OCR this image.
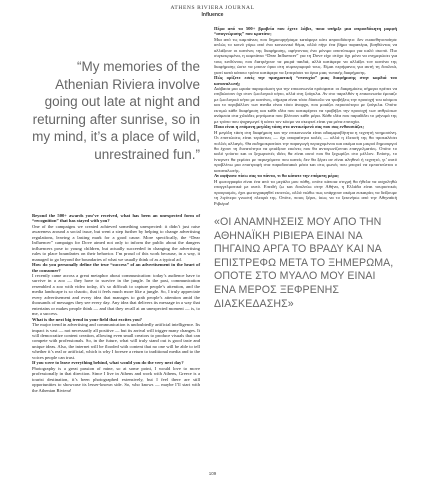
ATHENS RIVIERA JOURNAL
Influence
“My memories of the Athenian Riviera involve going out late at night and returning after sunrise, so in my mind, it’s a place of wild, unrestrained fun.”

Beyond the 500+ awards you’ve received, what has been an unexpected form of “recognition” that has stayed with you?

One of the campaigns we created achieved something unexpected: it didn’t just raise awareness around a social issue, but went a step further by helping to change advertising regulations, leaving a lasting mark for a good cause. More specifically, the “Dear Influencer” campaign for Dove aimed not only to inform the public about the dangers influencers pose to young children, but actually succeeded in changing the advertising rules to place boundaries on their behavior. I’m proud of this work because, in a way, it managed to go beyond the boundaries of what we usually think of as a typical ad.

How do you personally define the true “success” of an advertisement in the heart of the consumer?

I recently came across a great metaphor about communication: today’s audience have to survive in a zoo — they have to survive in the jungle. In the past, communication resembled a zoo with video today, it’s so difficult to capture people’s attention, and the media landscape is so chaotic, that it feels much more like a jungle. So, I truly appreciate every advertisement and every idea that manages to grab people’s attention amid the thousands of messages they see every day. Any idea that delivers its message in a way that entertains or makes people think — and that they recall at an unexpected moment — is, to me, a success.

What is the next big trend in your field that excites you?

The major trend in advertising and communication is undoubtedly artificial intelligence. Its impact is vast — not necessarily all positive — but its arrival will trigger many changes. It will democratize content creation, allowing even small creators to produce visuals that can compete with professionals. So, in the future, what will truly stand out is good taste and unique ideas. Also, the internet will be flooded with content that no one will be able to tell whether it’s real or artificial, which is why I foresee a return to traditional media and to the voices people can trust.

If you were to leave everything behind, what would you do the very next day?

Photography is a great passion of mine, so at some point, I would love to move professionally in that direction. Since I live in Athens and work with Athens, Greece is a tourist destination, it’s been photographed extensively, but I feel there are still opportunities to showcase its lesser-known side. So, who knows — maybe I’ll start with the Athenian Riviera!

Πέρα από τα 500+ βραβεία που έχετε λάβει, ποια υπήρξε μια απροσδόκητη μορφή “αναγνώρισης” που κρατάτε;

Μια από τις καμπάνιες που δημιουργήσαμε κατάφερε κάτι απροσδόκητο: δεν ευαισθητοποίησε απλώς το κοινό γύρω από ένα κοινωνικό θέμα, αλλά πήγε ένα βήμα παραπέρα, βοηθώντας να αλλάξουν οι κανόνες της διαφήμισης, αφήνοντας ένα μόνιμο αποτύπωμα για καλό σκοπό. Πιο συγκεκριμένα, η καμπάνια “Dear Influencer” για τη Dove είχε στόχο όχι μόνο να ενημερώσει για τους κινδύνους που διατρέχουν τα μικρά παιδιά, αλλά κατάφερε να αλλάξει τον κανόνα της διαφήμισης ώστε να μπουν όρια στη συμπεριφορά τους. Είμαι περήφανος για αυτή τη δουλειά, γιατί κατά κάποιο τρόπο κατάφερε να ξεπεράσει τα όρια μιας τυπικής διαφήμισης.

Πώς ορίζετε εσείς την πραγματική “επιτυχία” μιας διαφήμισης στην καρδιά του καταναλωτή;

Διάβασα μια ωραία παρομοίωση για την επικοινωνία πρόσφατα: οι διαφημίσεις σήμερα πρέπει να επιβιώσουν όχι στον ζωολογικό κήπο, αλλά στη ζούγκλα. Αν στο παρελθόν η επικοινωνία έμοιαζε με ζωολογικό κήπο με κανόνες, σήμερα είναι τόσο δύσκολο να τραβήξεις την προσοχή του κόσμου και το περιβάλλον των media είναι τόσο άναρχο, που μοιάζει περισσότερο με ζούγκλα. Οπότε εκτιμώ κάθε διαφήμιση και κάθε ιδέα που καταφέρνει να τραβήξει την προσοχή των ανθρώπων ανάμεσα στα χιλιάδες μηνύματα που βλέπουν κάθε μέρα. Κάθε ιδέα που παραδίδει το μήνυμά της με τρόπο που ψυχαγωγεί ή κάνει τον κόσμο να σκεφτεί είναι για μένα επιτυχία.

Ποια είναι η επόμενη μεγάλη τάση στο αντικείμενό σας που σας ενθουσιάζει;

Η μεγάλη τάση στη διαφήμιση και την επικοινωνία είναι αδιαμφισβήτητα η τεχνητή νοημοσύνη. Οι επιπτώσεις είναι τεράστιες — όχι απαραίτητα καλές — αλλά η έλευσή της θα προκαλέσει πολλές αλλαγές. Θα εκδημοκρατίσει την παραγωγή περιεχομένου και ακόμα και μικροί δημιουργοί θα έχουν τη δυνατότητα να φτιάξουν εικόνες που θα ανταγωνίζονται επαγγελματίες. Οπότε το καλό γούστο και οι ξεχωριστές ιδέες θα είναι αυτό που θα ξεχωρίζει στο μέλλον. Επίσης, το ίντερνετ θα γεμίσει με περιεχόμενο που κανείς δεν θα ξέρει αν είναι αληθινό ή τεχνητό, γι’ αυτό προβλέπω μια επιστροφή στα παραδοσιακά μέσα και στις φωνές που μπορεί να εμπιστεύεται ο καταναλωτής.

Αν αφήνατε πίσω σας τα πάντα, τι θα κάνατε την επόμενη μέρα;

Η φωτογραφία είναι ένα από τα μεγάλα μου πάθη, οπότε κάποια στιγμή θα ήθελα να ασχοληθώ επαγγελματικά με αυτό. Επειδή ζω και δουλεύω στην Αθήνα, η Ελλάδα είναι τουριστικός προορισμός, έχει φωτογραφηθεί εκτενώς, αλλά νιώθω πως υπάρχουν ακόμα ευκαιρίες να δείξουμε τη λιγότερο γνωστή πλευρά της. Οπότε, ποιος ξέρει, ίσως να το ξεκινήσω από την Αθηναϊκή Ριβιέρα!

«ΟΙ ΑΝΑΜΝΗΣΕΙΣ ΜΟΥ ΑΠΟ ΤΗΝ ΑΘΗΝΑΪΚΗ ΡΙΒΙΕΡΑ ΕΙΝΑΙ ΝΑ ΠΗΓΑΙΝΩ ΑΡΓΑ ΤΟ ΒΡΑΔΥ ΚΑΙ ΝΑ ΕΠΙΣΤΡΕΦΩ ΜΕΤΑ ΤΟ ΞΗΜΕΡΩΜΑ, ΟΠΟΤΕ ΣΤΟ ΜΥΑΛΟ ΜΟΥ ΕΙΝΑΙ ΕΝΑ ΜΕΡΟΣ ΞΕΦΡΕΝΗΣ ΔΙΑΣΚΕΔΑΣΗΣ»
109
